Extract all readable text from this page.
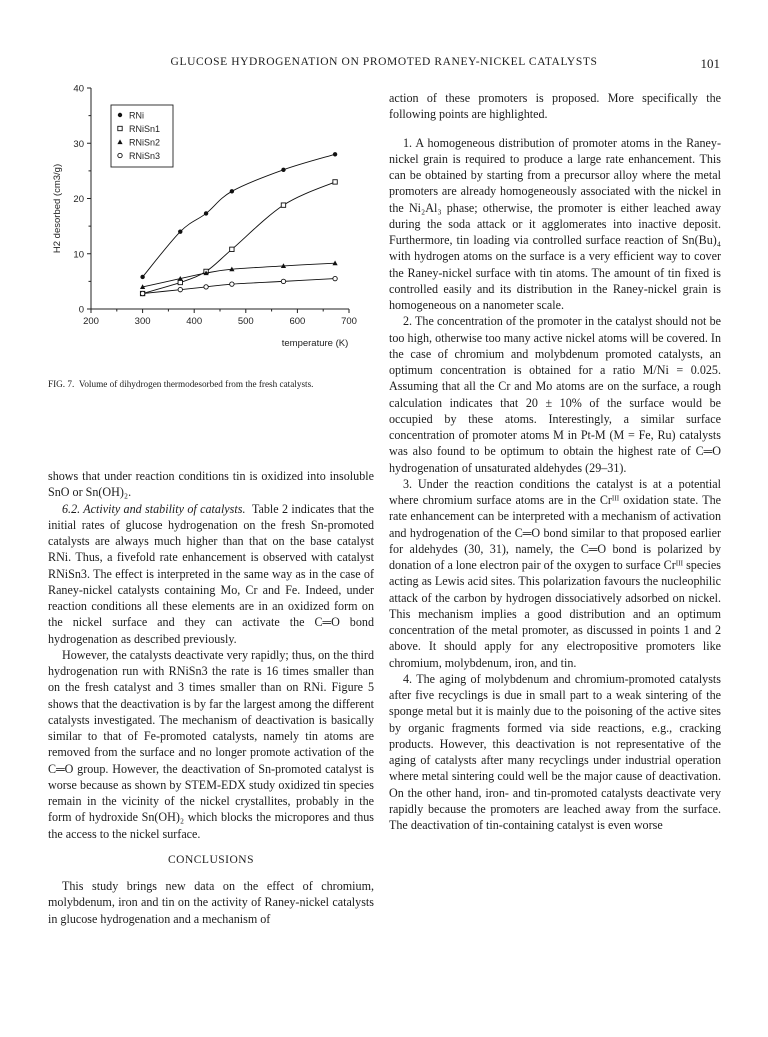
GLUCOSE HYDROGENATION ON PROMOTED RANEY-NICKEL CATALYSTS	101
200	300	400	500	600	700
0
10
20
30
40
temperature (K)
H2 desorbed (cm3/g)
RNi
RNiSn1
RNiSn2
RNiSn3
FIG. 7. Volume of dihydrogen thermodesorbed from the fresh catalysts.

shows that under reaction conditions tin is oxidized into insoluble SnO or Sn(OH)₂.

6.2. Activity and stability of catalysts. Table 2 indicates that the initial rates of glucose hydrogenation on the fresh Sn-promoted catalysts are always much higher than that on the base catalyst RNi. Thus, a fivefold rate enhancement is observed with catalyst RNiSn3. The effect is interpreted in the same way as in the case of Raney-nickel catalysts containing Mo, Cr and Fe. Indeed, under reaction conditions all these elements are in an oxidized form on the nickel surface and they can activate the C═O bond hydrogenation as described previously.

However, the catalysts deactivate very rapidly; thus, on the third hydrogenation run with RNiSn3 the rate is 16 times smaller than on the fresh catalyst and 3 times smaller than on RNi. Figure 5 shows that the deactivation is by far the largest among the different catalysts investigated. The mechanism of deactivation is basically similar to that of Fe-promoted catalysts, namely tin atoms are removed from the surface and no longer promote activation of the C═O group. However, the deactivation of Sn-promoted catalyst is worse because as shown by STEM-EDX study oxidized tin species remain in the vicinity of the nickel crystallites, probably in the form of hydroxide Sn(OH)₂ which blocks the micropores and thus the access to the nickel surface.

CONCLUSIONS

This study brings new data on the effect of chromium, molybdenum, iron and tin on the activity of Raney-nickel catalysts in glucose hydrogenation and a mechanism of

action of these promoters is proposed. More specifically the following points are highlighted.

1. A homogeneous distribution of promoter atoms in the Raney-nickel grain is required to produce a large rate enhancement. This can be obtained by starting from a precursor alloy where the metal promoters are already homogeneously associated with the nickel in the Ni₂Al₃ phase; otherwise, the promoter is either leached away during the soda attack or it agglomerates into inactive deposit. Furthermore, tin loading via controlled surface reaction of Sn(Bu)₄ with hydrogen atoms on the surface is a very efficient way to cover the Raney-nickel surface with tin atoms. The amount of tin fixed is controlled easily and its distribution in the Raney-nickel grain is homogeneous on a nanometer scale.

2. The concentration of the promoter in the catalyst should not be too high, otherwise too many active nickel atoms will be covered. In the case of chromium and molybdenum promoted catalysts, an optimum concentration is obtained for a ratio M/Ni = 0.025. Assuming that all the Cr and Mo atoms are on the surface, a rough calculation indicates that 20 ± 10% of the surface would be occupied by these atoms. Interestingly, a similar surface concentration of promoter atoms M in Pt-M (M = Fe, Ru) catalysts was also found to be optimum to obtain the highest rate of C═O hydrogenation of unsaturated aldehydes (29–31).

3. Under the reaction conditions the catalyst is at a potential where chromium surface atoms are in the Crᴵᴵᴵ oxidation state. The rate enhancement can be interpreted with a mechanism of activation and hydrogenation of the C═O bond similar to that proposed earlier for aldehydes (30, 31), namely, the C═O bond is polarized by donation of a lone electron pair of the oxygen to surface Crᴵᴵᴵ species acting as Lewis acid sites. This polarization favours the nucleophilic attack of the carbon by hydrogen dissociatively adsorbed on nickel. This mechanism implies a good distribution and an optimum concentration of the metal promoter, as discussed in points 1 and 2 above. It should apply for any electropositive promoters like chromium, molybdenum, iron, and tin.

4. The aging of molybdenum and chromium-promoted catalysts after five recyclings is due in small part to a weak sintering of the sponge metal but it is mainly due to the poisoning of the active sites by organic fragments formed via side reactions, e.g., cracking products. However, this deactivation is not representative of the aging of catalysts after many recyclings under industrial operation where metal sintering could well be the major cause of deactivation. On the other hand, iron- and tin-promoted catalysts deactivate very rapidly because the promoters are leached away from the surface. The deactivation of tin-containing catalyst is even worse
